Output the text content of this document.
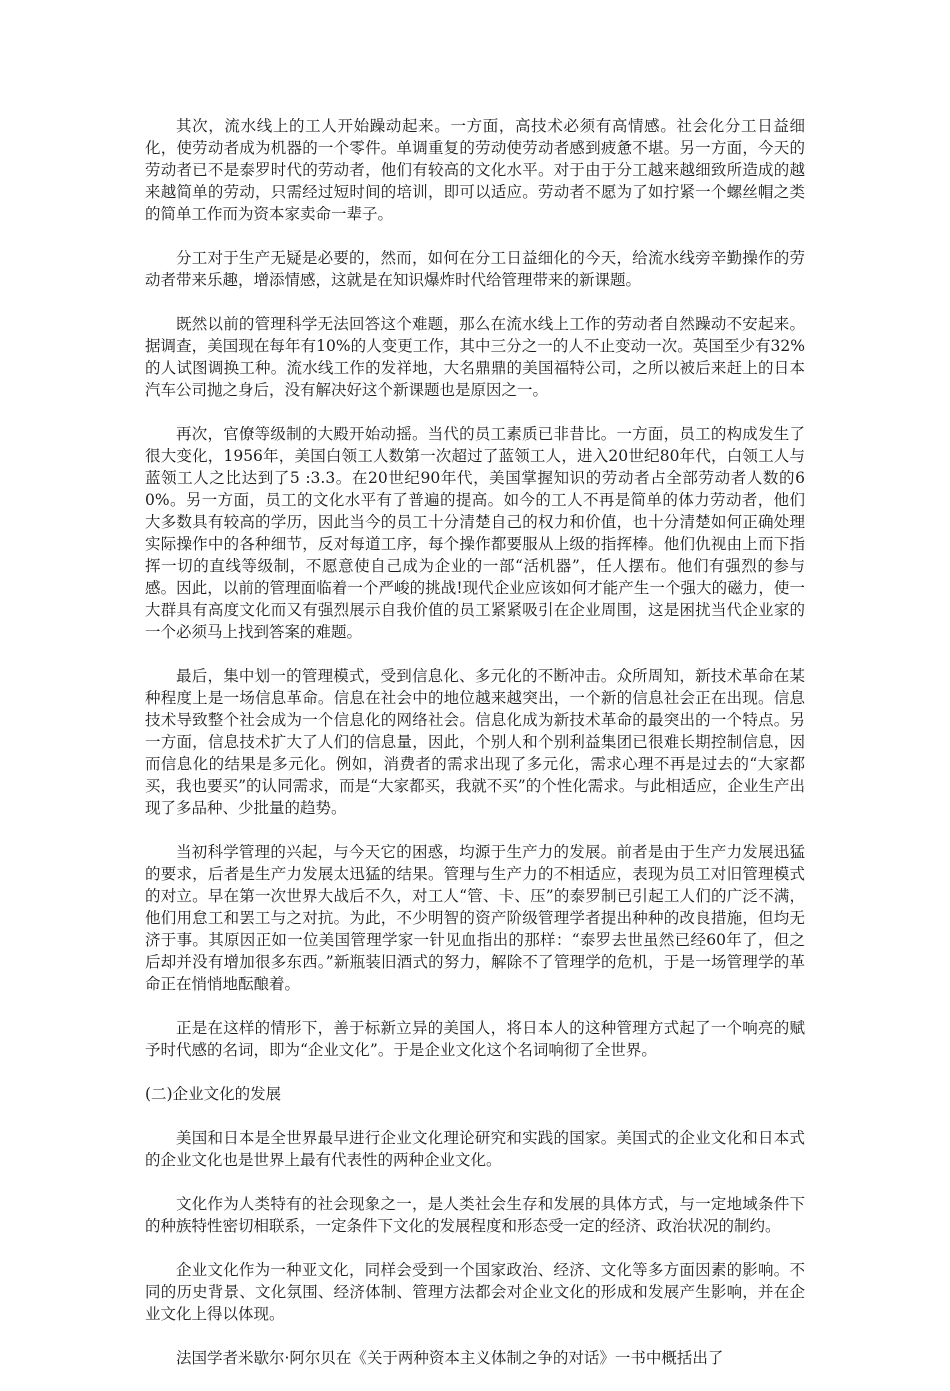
其次，流水线上的工人开始躁动起来。一方面，高技术必须有高情感。社会化分工日益细化，使劳动者成为机器的一个零件。单调重复的劳动使劳动者感到疲惫不堪。另一方面，今天的劳动者已不是泰罗时代的劳动者，他们有较高的文化水平。对于由于分工越来越细致所造成的越来越简单的劳动，只需经过短时间的培训，即可以适应。劳动者不愿为了如拧紧一个螺丝帽之类的简单工作而为资本家卖命一辈子。

分工对于生产无疑是必要的，然而，如何在分工日益细化的今天，给流水线旁辛勤操作的劳动者带来乐趣，增添情感，这就是在知识爆炸时代给管理带来的新课题。

既然以前的管理科学无法回答这个难题，那么在流水线上工作的劳动者自然躁动不安起来。据调查，美国现在每年有10%的人变更工作，其中三分之一的人不止变动一次。英国至少有32%的人试图调换工种。流水线工作的发祥地，大名鼎鼎的美国福特公司，之所以被后来赶上的日本汽车公司抛之身后，没有解决好这个新课题也是原因之一。

再次，官僚等级制的大殿开始动摇。当代的员工素质已非昔比。一方面，员工的构成发生了很大变化，1956年，美国白领工人数第一次超过了蓝领工人，进入20世纪80年代，白领工人与蓝领工人之比达到了5 :3.3。在20世纪90年代，美国掌握知识的劳动者占全部劳动者人数的60%。另一方面，员工的文化水平有了普遍的提高。如今的工人不再是简单的体力劳动者，他们大多数具有较高的学历，因此当今的员工十分清楚自己的权力和价值，也十分清楚如何正确处理实际操作中的各种细节，反对每道工序，每个操作都要服从上级的指挥棒。他们仇视由上而下指挥一切的直线等级制，不愿意使自己成为企业的一部“活机器”，任人摆布。他们有强烈的参与感。因此，以前的管理面临着一个严峻的挑战!现代企业应该如何才能产生一个强大的磁力，使一大群具有高度文化而又有强烈展示自我价值的员工紧紧吸引在企业周围，这是困扰当代企业家的一个必须马上找到答案的难题。

最后，集中划一的管理模式，受到信息化、多元化的不断冲击。众所周知，新技术革命在某种程度上是一场信息革命。信息在社会中的地位越来越突出，一个新的信息社会正在出现。信息技术导致整个社会成为一个信息化的网络社会。信息化成为新技术革命的最突出的一个特点。另一方面，信息技术扩大了人们的信息量，因此，个别人和个别利益集团已很难长期控制信息，因而信息化的结果是多元化。例如，消费者的需求出现了多元化，需求心理不再是过去的“大家都买，我也要买”的认同需求，而是“大家都买，我就不买”的个性化需求。与此相适应，企业生产出现了多品种、少批量的趋势。

当初科学管理的兴起，与今天它的困惑，均源于生产力的发展。前者是由于生产力发展迅猛的要求，后者是生产力发展太迅猛的结果。管理与生产力的不相适应，表现为员工对旧管理模式的对立。早在第一次世界大战后不久，对工人“管、卡、压”的泰罗制已引起工人们的广泛不满，他们用怠工和罢工与之对抗。为此，不少明智的资产阶级管理学者提出种种的改良措施，但均无济于事。其原因正如一位美国管理学家一针见血指出的那样：“泰罗去世虽然已经60年了，但之后却并没有增加很多东西。”新瓶装旧酒式的努力，解除不了管理学的危机，于是一场管理学的革命正在悄悄地酝酿着。

正是在这样的情形下，善于标新立异的美国人，将日本人的这种管理方式起了一个响亮的赋予时代感的名词，即为“企业文化”。于是企业文化这个名词响彻了全世界。

(二)企业文化的发展

美国和日本是全世界最早进行企业文化理论研究和实践的国家。美国式的企业文化和日本式的企业文化也是世界上最有代表性的两种企业文化。

文化作为人类特有的社会现象之一，是人类社会生存和发展的具体方式，与一定地域条件下的种族特性密切相联系，一定条件下文化的发展程度和形态受一定的经济、政治状况的制约。

企业文化作为一种亚文化，同样会受到一个国家政治、经济、文化等多方面因素的影响。不同的历史背景、文化氛围、经济体制、管理方法都会对企业文化的形成和发展产生影响，并在企业文化上得以体现。

法国学者米歇尔·阿尔贝在《关于两种资本主义体制之争的对话》一书中概括出了
